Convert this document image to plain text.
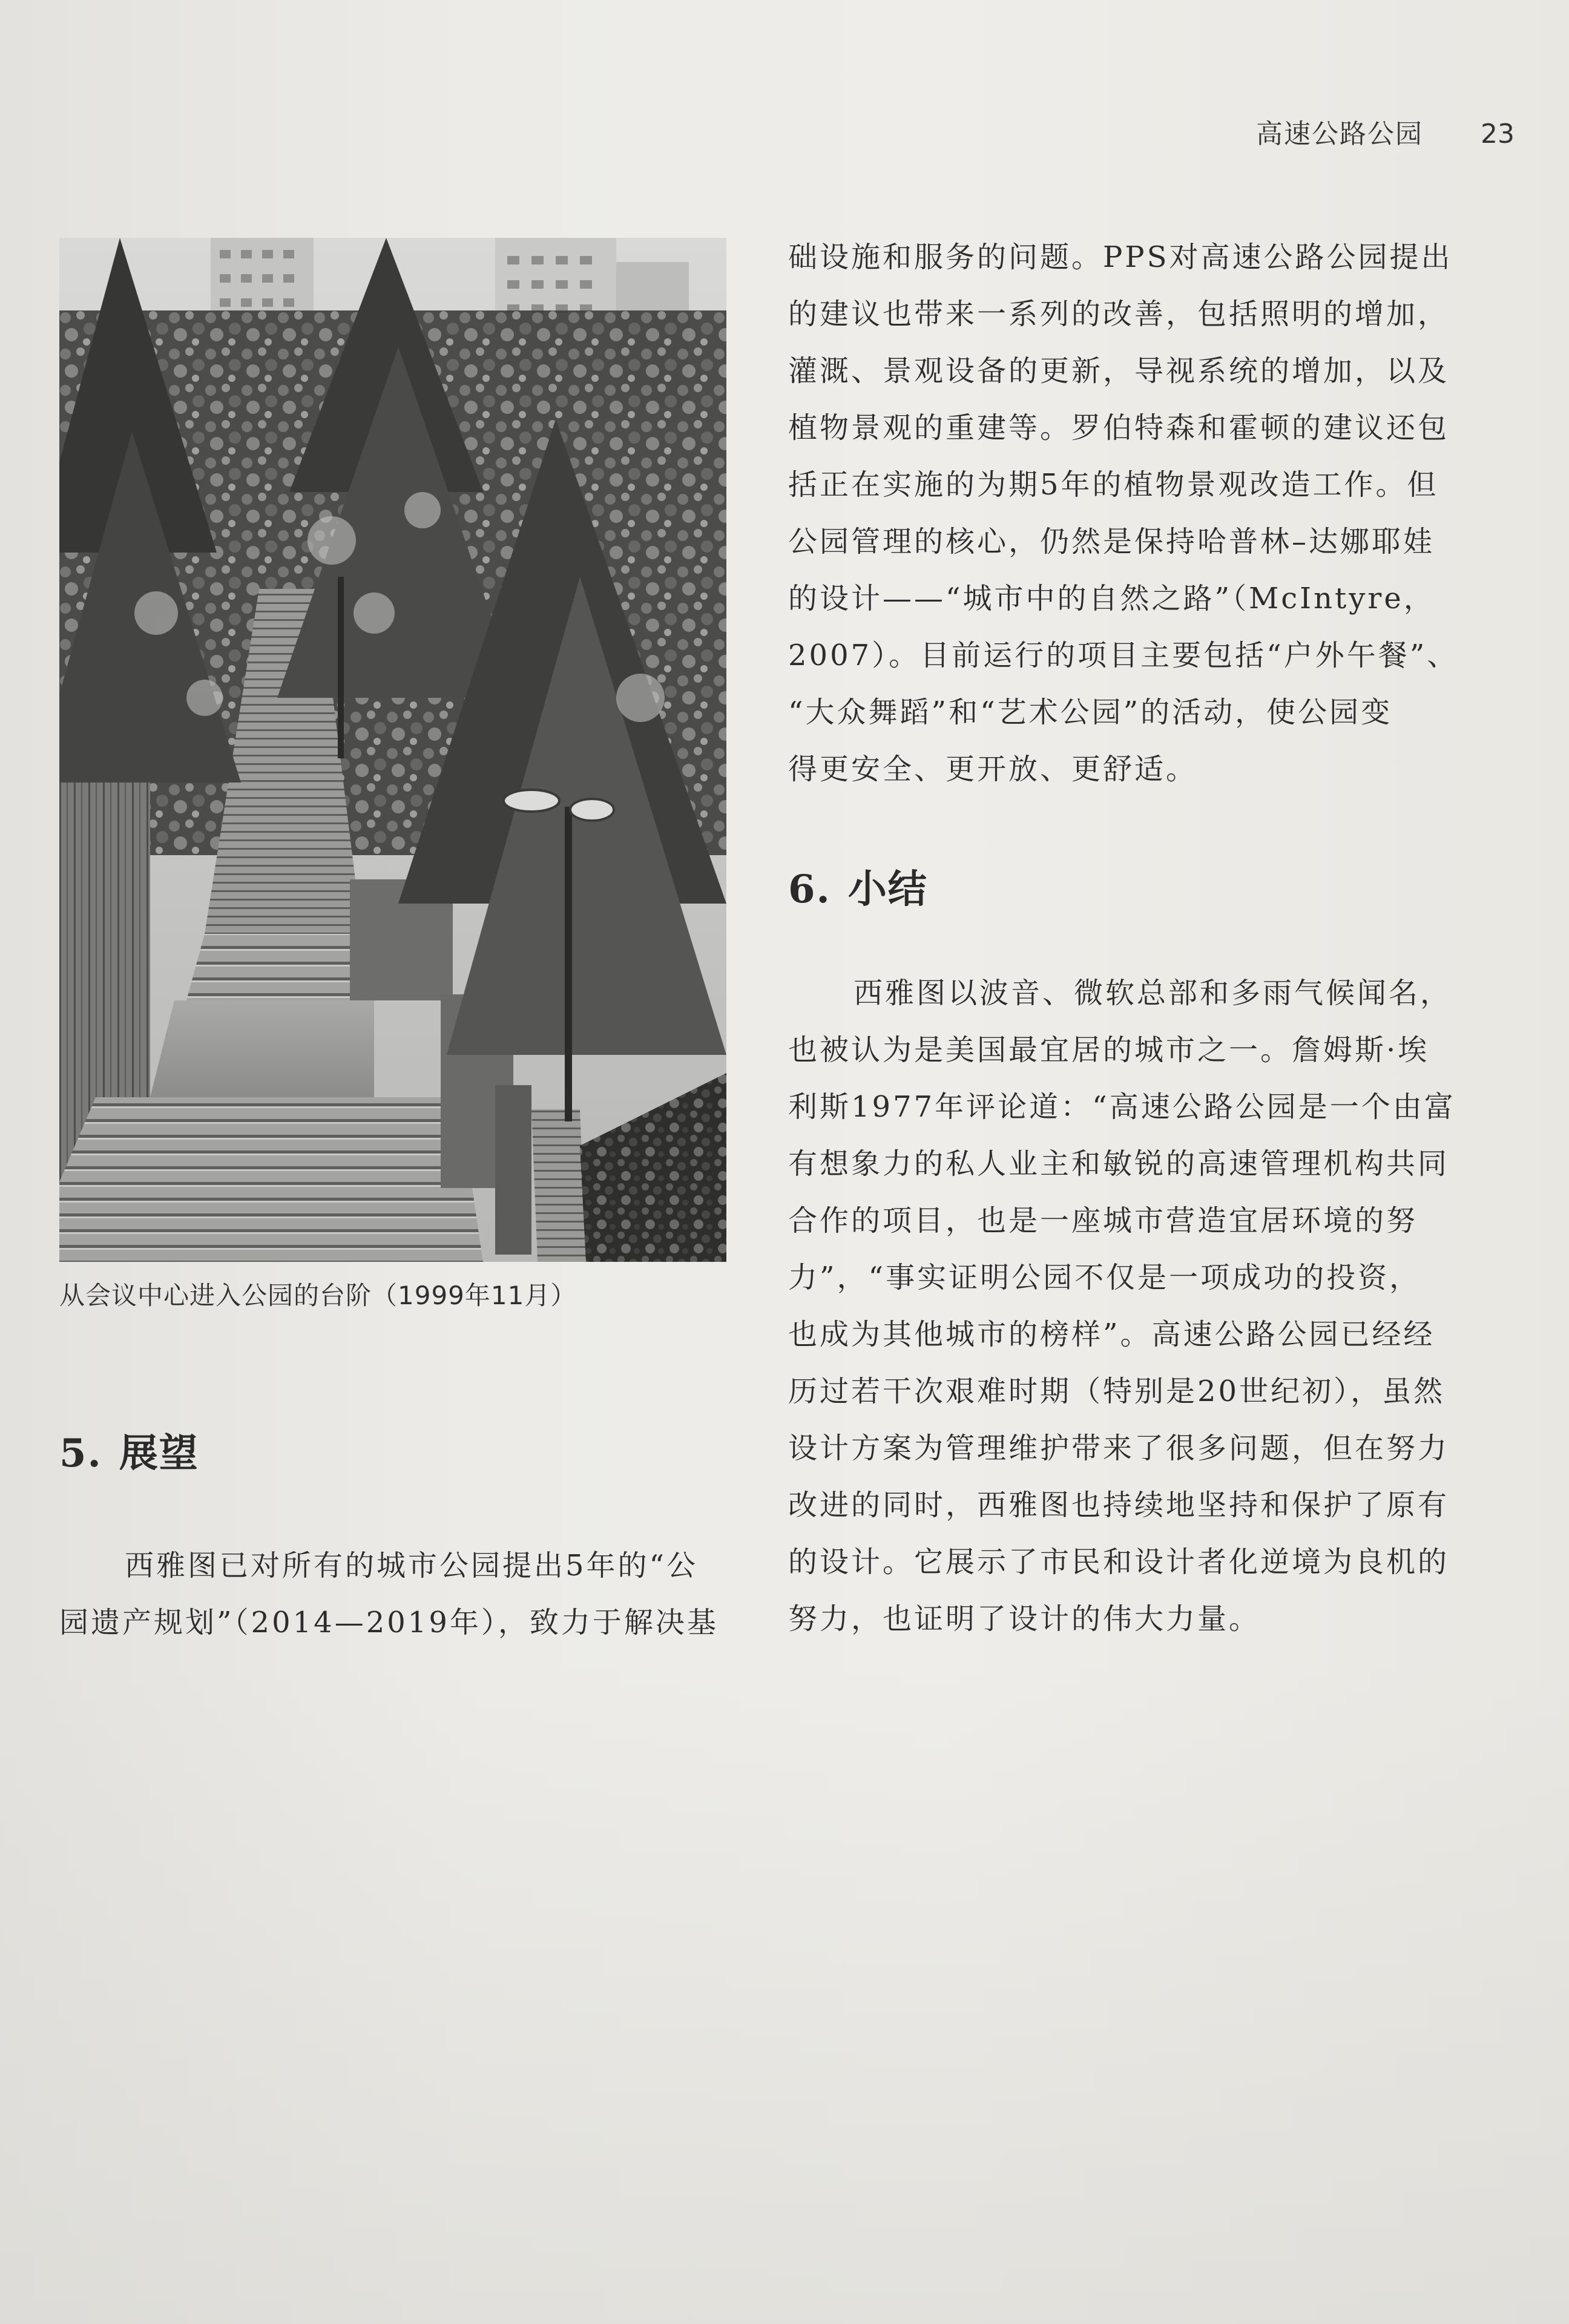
高速公路公园 23
从会议中心进入公园的台阶（1999年11月）
5. 展望

西雅图已对所有的城市公园提出5年的“公
园遗产规划”（2014—2019年），致力于解决基

础设施和服务的问题。PPS对高速公路公园提出
的建议也带来一系列的改善，包括照明的增加，
灌溉、景观设备的更新，导视系统的增加，以及
植物景观的重建等。罗伯特森和霍顿的建议还包
括正在实施的为期5年的植物景观改造工作。但
公园管理的核心，仍然是保持哈普林–达娜耶娃
的设计——“城市中的自然之路”（McIntyre，
2007）。目前运行的项目主要包括“户外午餐”、
“大众舞蹈”和“艺术公园”的活动，使公园变
得更安全、更开放、更舒适。

6. 小结

西雅图以波音、微软总部和多雨气候闻名，
也被认为是美国最宜居的城市之一。詹姆斯·埃
利斯1977年评论道：“高速公路公园是一个由富
有想象力的私人业主和敏锐的高速管理机构共同
合作的项目，也是一座城市营造宜居环境的努
力”，“事实证明公园不仅是一项成功的投资，
也成为其他城市的榜样”。高速公路公园已经经
历过若干次艰难时期（特别是20世纪初），虽然
设计方案为管理维护带来了很多问题，但在努力
改进的同时，西雅图也持续地坚持和保护了原有
的设计。它展示了市民和设计者化逆境为良机的
努力，也证明了设计的伟大力量。
